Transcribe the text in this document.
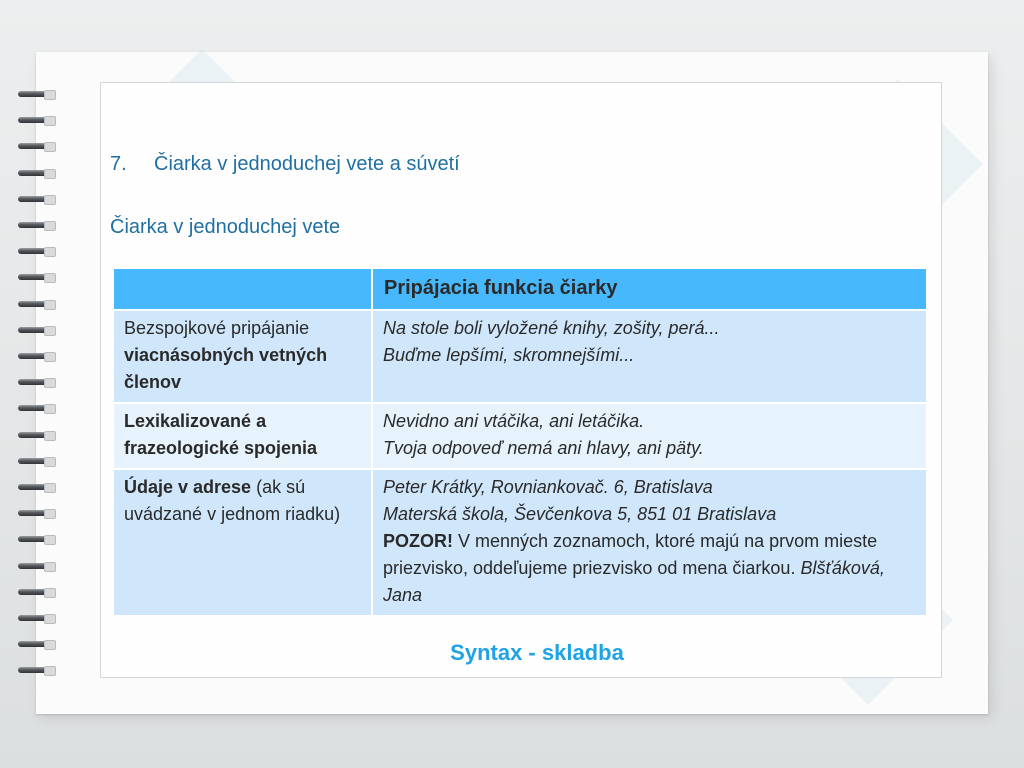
7. Čiarka v jednoduchej vete a súvetí
Čiarka v jednoduchej vete
	Pripájacia funkcia čiarky
Bezspojkové pripájanie
viacnásobných vetných členov	Na stole boli vyložené knihy, zošity, perá...
Buďme lepšími, skromnejšími...
Lexikalizované a frazeologické spojenia	Nevidno ani vtáčika, ani letáčika.
Tvoja odpoveď nemá ani hlavy, ani päty.
Údaje v adrese (ak sú uvádzané v jednom riadku)	Peter Krátky, Rovniankovač. 6, Bratislava
Materská škola, Ševčenkova 5, 851 01 Bratislava
POZOR! V menných zoznamoch, ktoré majú na prvom mieste priezvisko, oddeľujeme priezvisko od mena čiarkou. Blšťáková, Jana
Syntax - skladba
